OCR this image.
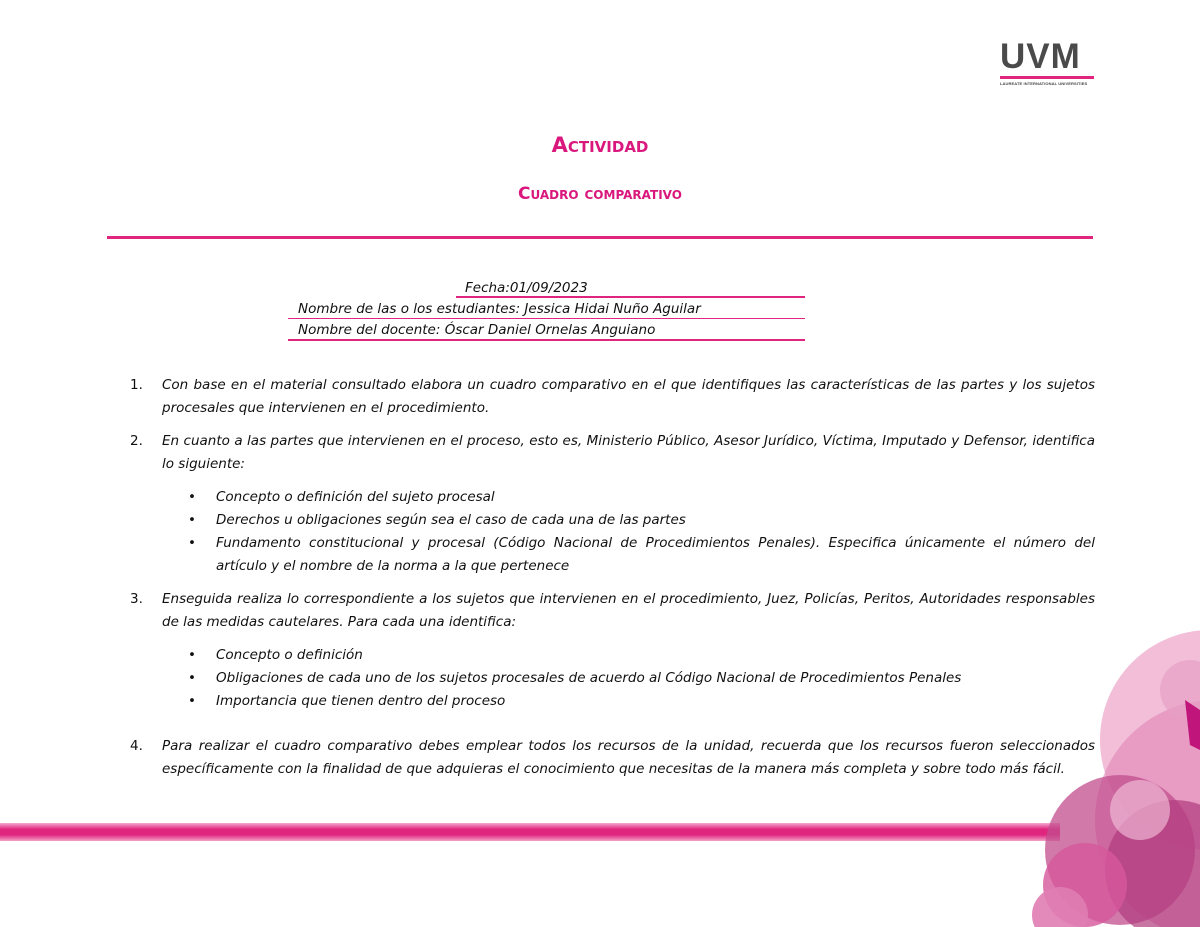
UVM
LAUREATE INTERNATIONAL UNIVERSITIES
Actividad
Cuadro comparativo
Fecha:01/09/2023
Nombre de las o los estudiantes: Jessica Hidai Nuño Aguilar
Nombre del docente: Óscar Daniel Ornelas Anguiano
1. Con base en el material consultado elabora un cuadro comparativo en el que identifiques las características de las partes y los sujetos procesales que intervienen en el procedimiento.
2. En cuanto a las partes que intervienen en el proceso, esto es, Ministerio Público, Asesor Jurídico, Víctima, Imputado y Defensor, identifica lo siguiente:
• Concepto o definición del sujeto procesal
• Derechos u obligaciones según sea el caso de cada una de las partes
• Fundamento constitucional y procesal (Código Nacional de Procedimientos Penales). Especifica únicamente el número del artículo y el nombre de la norma a la que pertenece
3. Enseguida realiza lo correspondiente a los sujetos que intervienen en el procedimiento, Juez, Policías, Peritos, Autoridades responsables de las medidas cautelares. Para cada una identifica:
• Concepto o definición
• Obligaciones de cada uno de los sujetos procesales de acuerdo al Código Nacional de Procedimientos Penales
• Importancia que tienen dentro del proceso
4. Para realizar el cuadro comparativo debes emplear todos los recursos de la unidad, recuerda que los recursos fueron seleccionados específicamente con la finalidad de que adquieras el conocimiento que necesitas de la manera más completa y sobre todo más fácil.
